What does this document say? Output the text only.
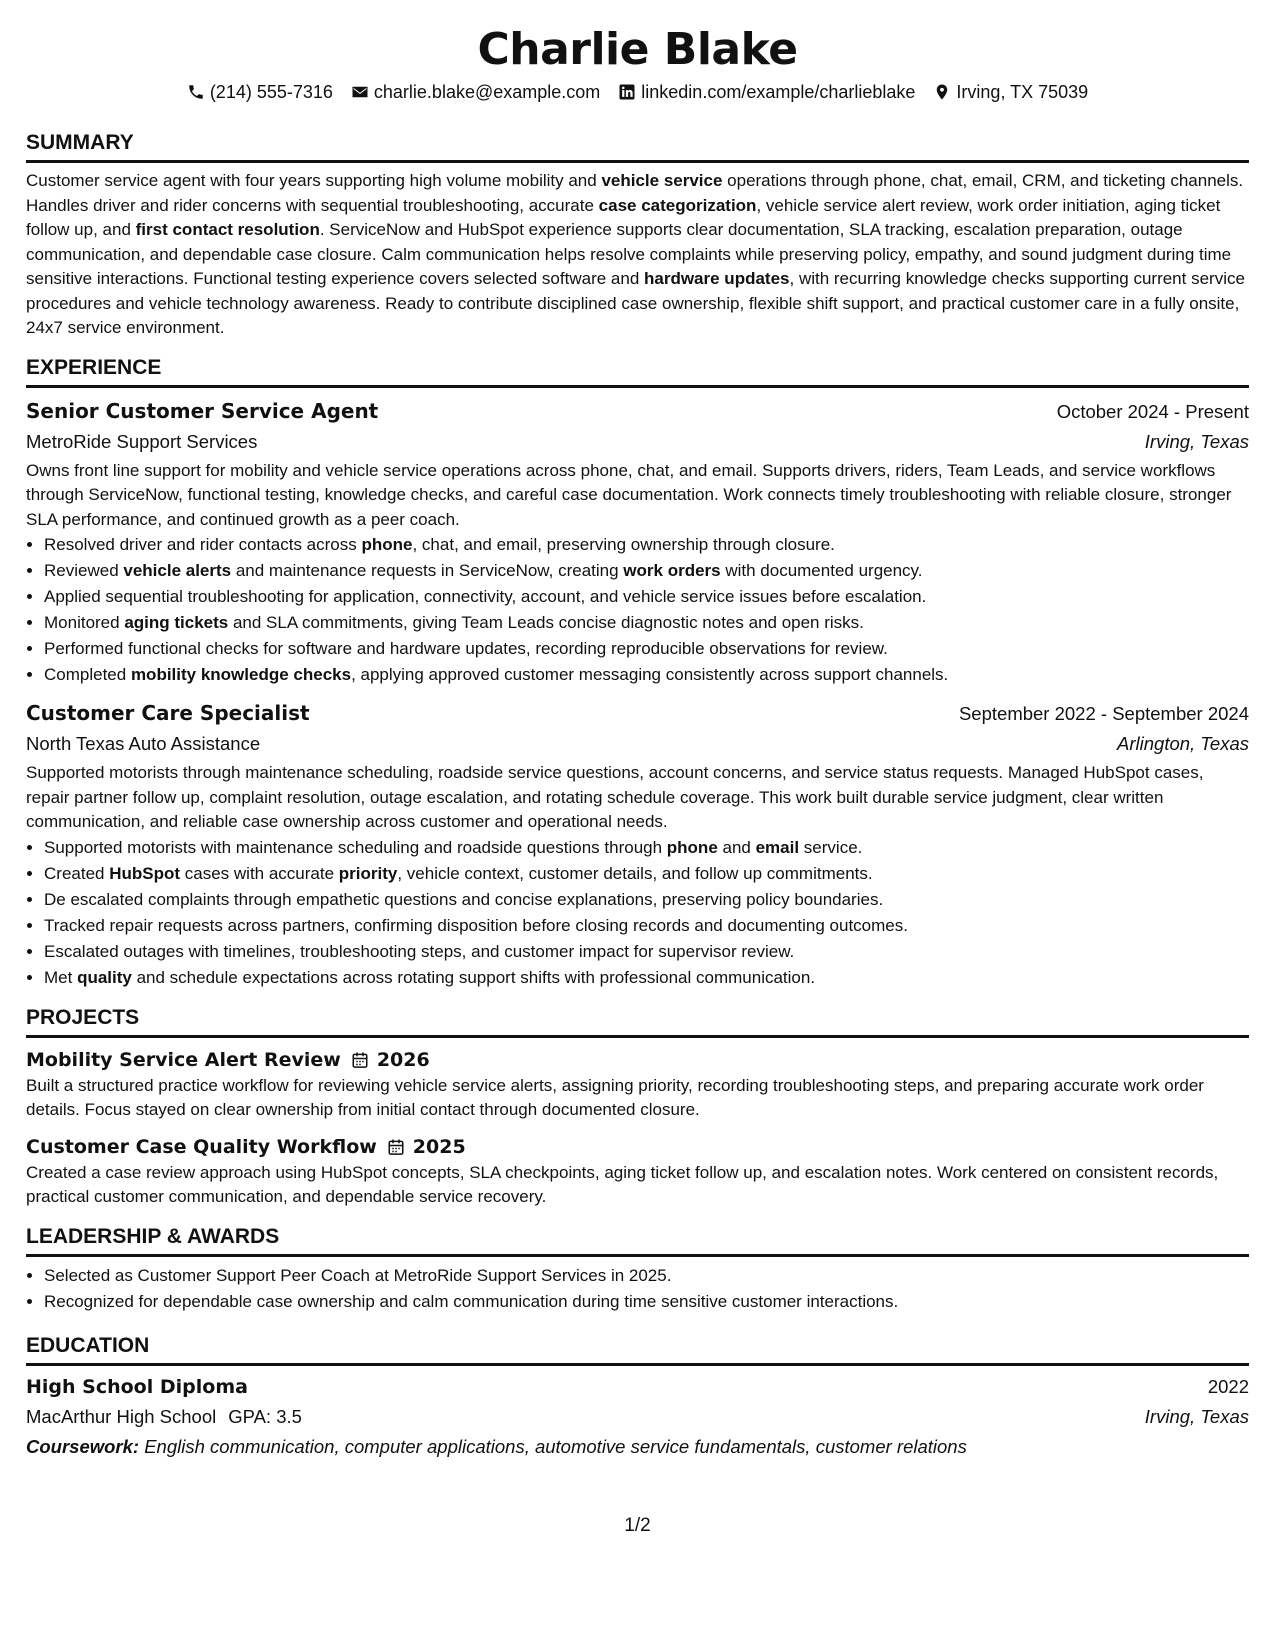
Charlie Blake
(214) 555-7316 charlie.blake@example.com linkedin.com/example/charlieblake Irving, TX 75039
SUMMARY
Customer service agent with four years supporting high volume mobility and vehicle service operations through phone, chat, email, CRM, and ticketing channels. Handles driver and rider concerns with sequential troubleshooting, accurate case categorization, vehicle service alert review, work order initiation, aging ticket follow up, and first contact resolution. ServiceNow and HubSpot experience supports clear documentation, SLA tracking, escalation preparation, outage communication, and dependable case closure. Calm communication helps resolve complaints while preserving policy, empathy, and sound judgment during time sensitive interactions. Functional testing experience covers selected software and hardware updates, with recurring knowledge checks supporting current service procedures and vehicle technology awareness. Ready to contribute disciplined case ownership, flexible shift support, and practical customer care in a fully onsite, 24x7 service environment.
EXPERIENCE
Senior Customer Service Agent	October 2024 - Present
MetroRide Support Services	Irving, Texas
Owns front line support for mobility and vehicle service operations across phone, chat, and email. Supports drivers, riders, Team Leads, and service workflows through ServiceNow, functional testing, knowledge checks, and careful case documentation. Work connects timely troubleshooting with reliable closure, stronger SLA performance, and continued growth as a peer coach.
• Resolved driver and rider contacts across phone, chat, and email, preserving ownership through closure.
• Reviewed vehicle alerts and maintenance requests in ServiceNow, creating work orders with documented urgency.
• Applied sequential troubleshooting for application, connectivity, account, and vehicle service issues before escalation.
• Monitored aging tickets and SLA commitments, giving Team Leads concise diagnostic notes and open risks.
• Performed functional checks for software and hardware updates, recording reproducible observations for review.
• Completed mobility knowledge checks, applying approved customer messaging consistently across support channels.
Customer Care Specialist	September 2022 - September 2024
North Texas Auto Assistance	Arlington, Texas
Supported motorists through maintenance scheduling, roadside service questions, account concerns, and service status requests. Managed HubSpot cases, repair partner follow up, complaint resolution, outage escalation, and rotating schedule coverage. This work built durable service judgment, clear written communication, and reliable case ownership across customer and operational needs.
• Supported motorists with maintenance scheduling and roadside questions through phone and email service.
• Created HubSpot cases with accurate priority, vehicle context, customer details, and follow up commitments.
• De escalated complaints through empathetic questions and concise explanations, preserving policy boundaries.
• Tracked repair requests across partners, confirming disposition before closing records and documenting outcomes.
• Escalated outages with timelines, troubleshooting steps, and customer impact for supervisor review.
• Met quality and schedule expectations across rotating support shifts with professional communication.
PROJECTS
Mobility Service Alert Review 2026
Built a structured practice workflow for reviewing vehicle service alerts, assigning priority, recording troubleshooting steps, and preparing accurate work order details. Focus stayed on clear ownership from initial contact through documented closure.
Customer Case Quality Workflow 2025
Created a case review approach using HubSpot concepts, SLA checkpoints, aging ticket follow up, and escalation notes. Work centered on consistent records, practical customer communication, and dependable service recovery.
LEADERSHIP & AWARDS
• Selected as Customer Support Peer Coach at MetroRide Support Services in 2025.
• Recognized for dependable case ownership and calm communication during time sensitive customer interactions.
EDUCATION
High School Diploma	2022
MacArthur High School GPA: 3.5	Irving, Texas
Coursework: English communication, computer applications, automotive service fundamentals, customer relations
1/2
